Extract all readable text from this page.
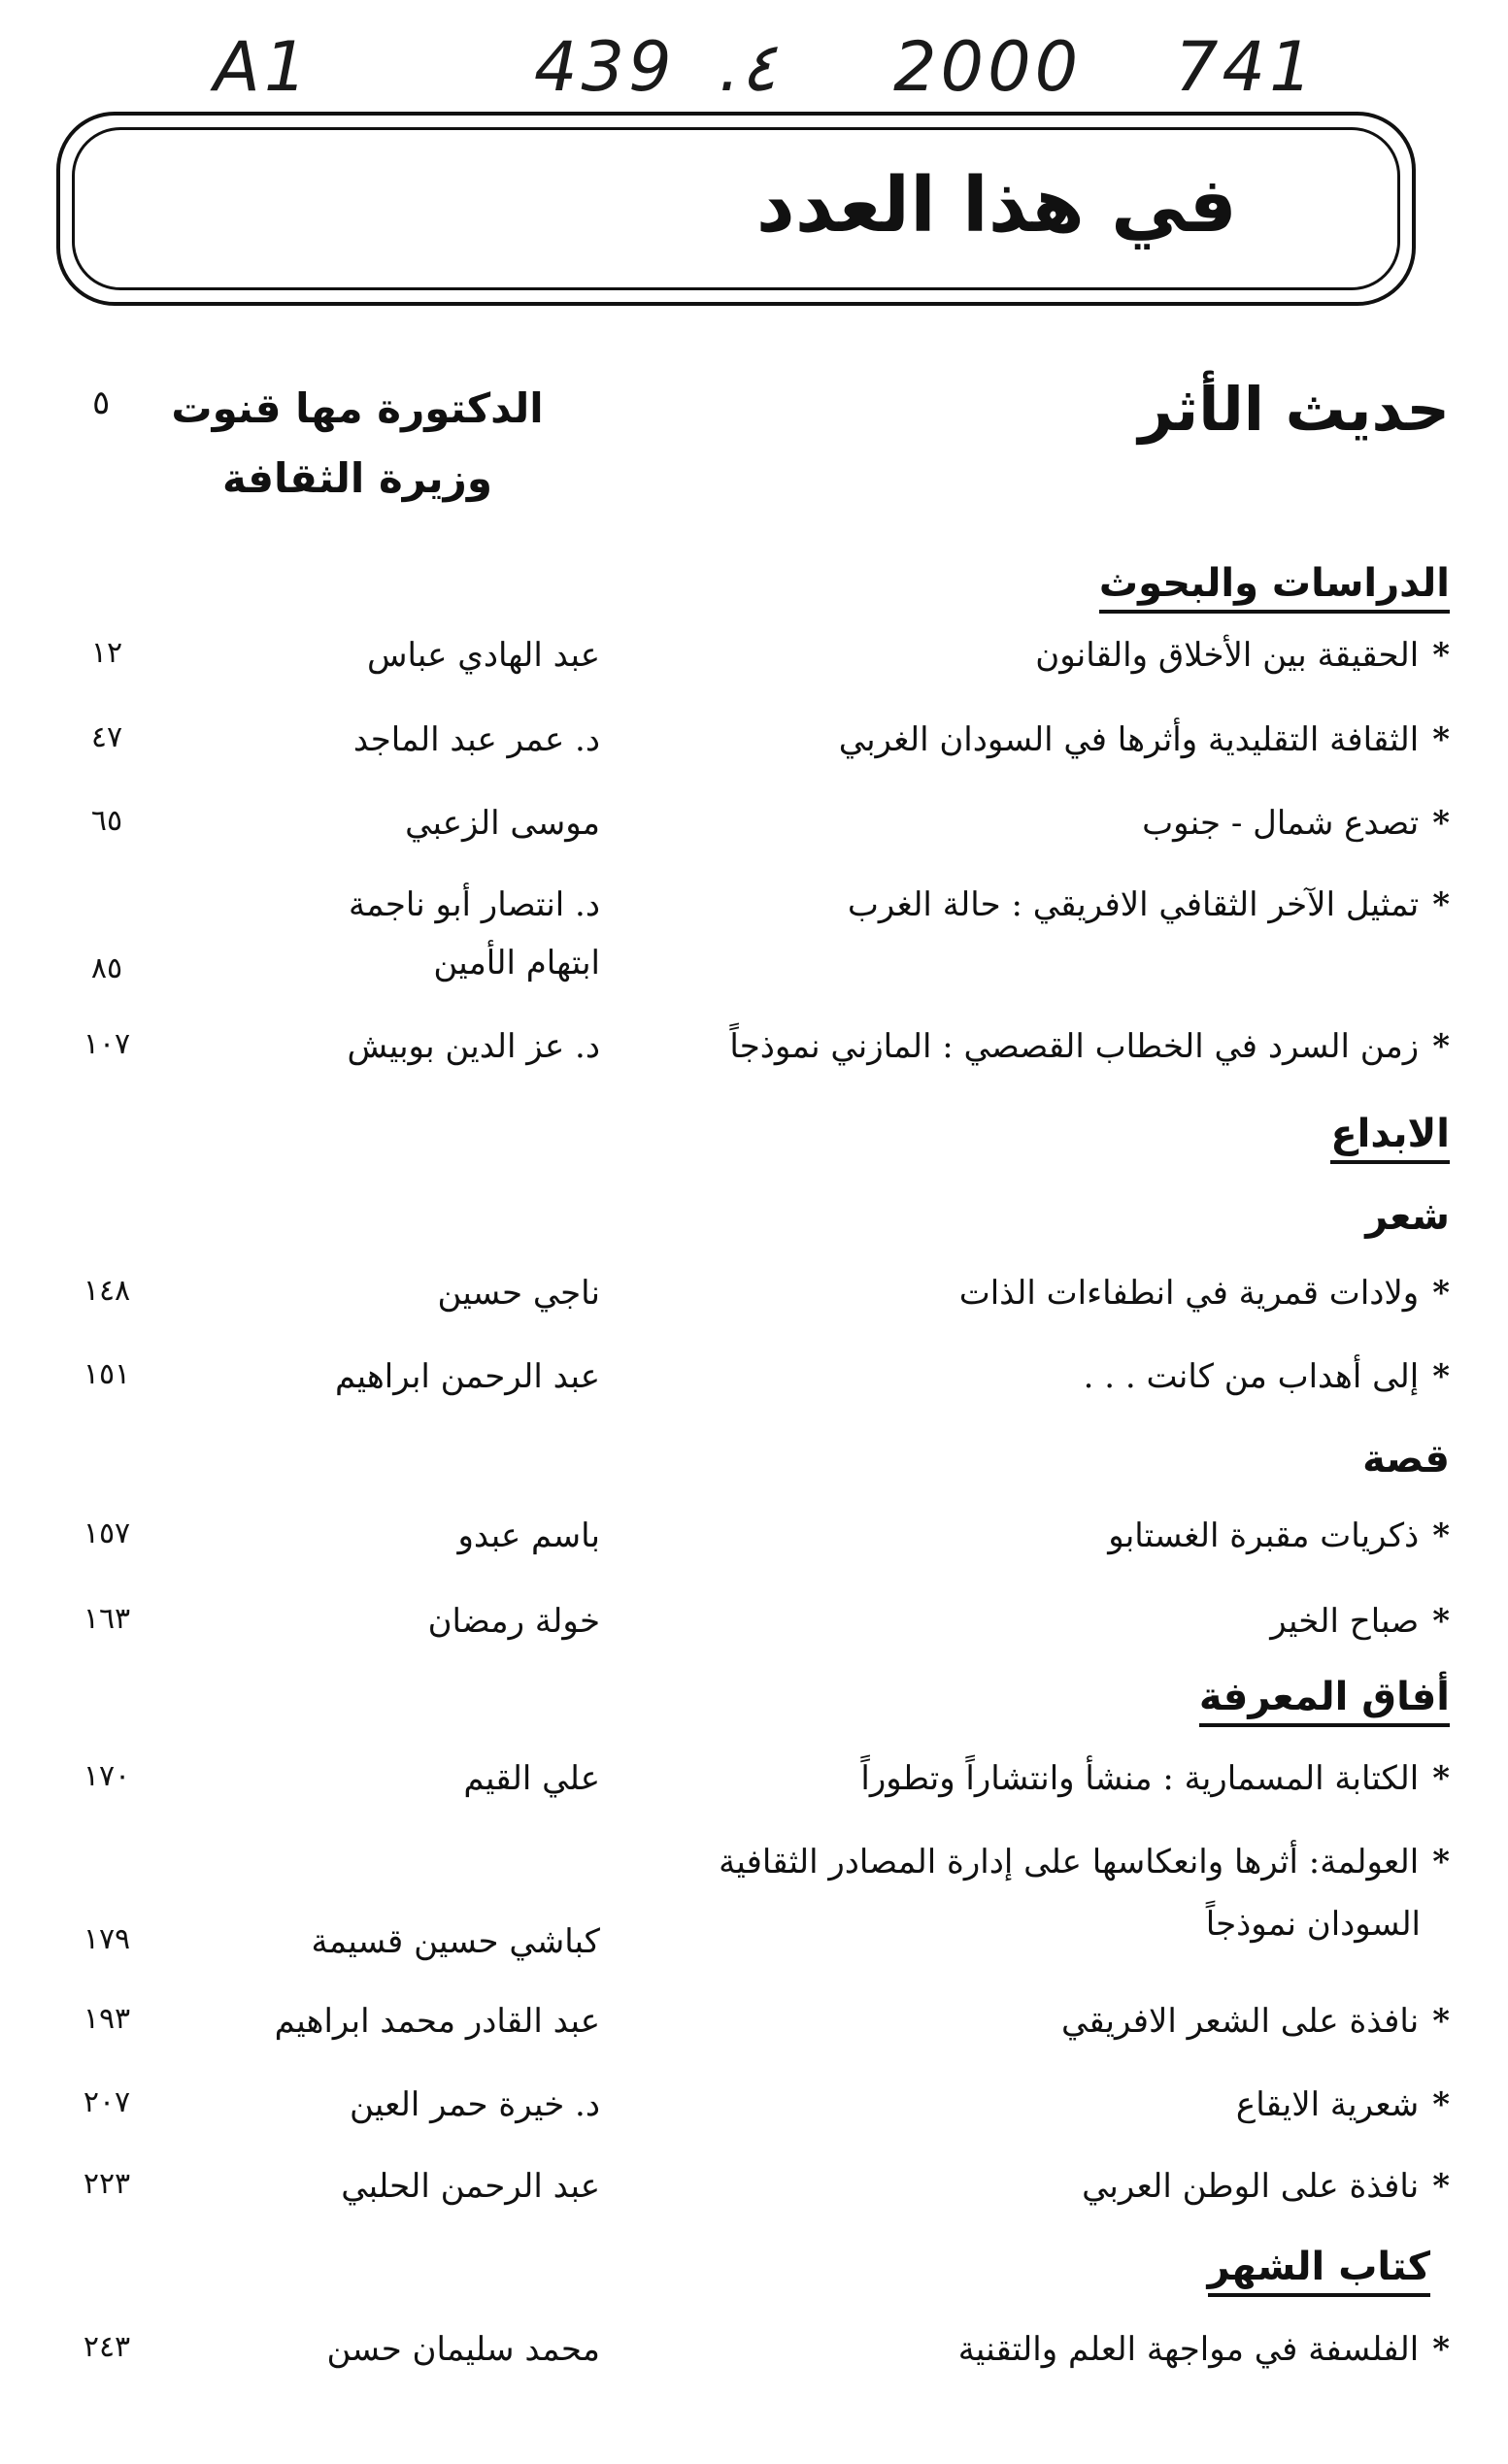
A1	439 .٤ 2000 741
في هذا العدد
حديث الأثر
الدكتورة مها قنوت
وزيرة الثقافة
٥
الدراسات والبحوث
*الحقيقة بين الأخلاق والقانون
عبد الهادي عباس
١٢
*الثقافة التقليدية وأثرها في السودان الغربي
د. عمر عبد الماجد
٤٧
*تصدع شمال - جنوب
موسى الزعبي
٦٥
*تمثيل الآخر الثقافي الافريقي : حالة الغرب
د. انتصار أبو ناجمة
ابتهام الأمين
٨٥
*زمن السرد في الخطاب القصصي : المازني نموذجاً
د. عز الدين بوبيش
١٠٧
الابداع
شعر
*ولادات قمرية في انطفاءات الذات
ناجي حسين
١٤٨
*إلى أهداب من كانت . . .
عبد الرحمن ابراهيم
١٥١
قصة
*ذكريات مقبرة الغستابو
باسم عبدو
١٥٧
*صباح الخير
خولة رمضان
١٦٣
أفاق المعرفة
*الكتابة المسمارية : منشأ وانتشاراً وتطوراً
علي القيم
١٧٠
*العولمة: أثرها وانعكاسها على إدارة المصادر الثقافية
السودان نموذجاً
كباشي حسين قسيمة
١٧٩
*نافذة على الشعر الافريقي
عبد القادر محمد ابراهيم
١٩٣
*شعرية الايقاع
د. خيرة حمر العين
٢٠٧
*نافذة على الوطن العربي
عبد الرحمن الحلبي
٢٢٣
كتاب الشهر
*الفلسفة في مواجهة العلم والتقنية
محمد سليمان حسن
٢٤٣
